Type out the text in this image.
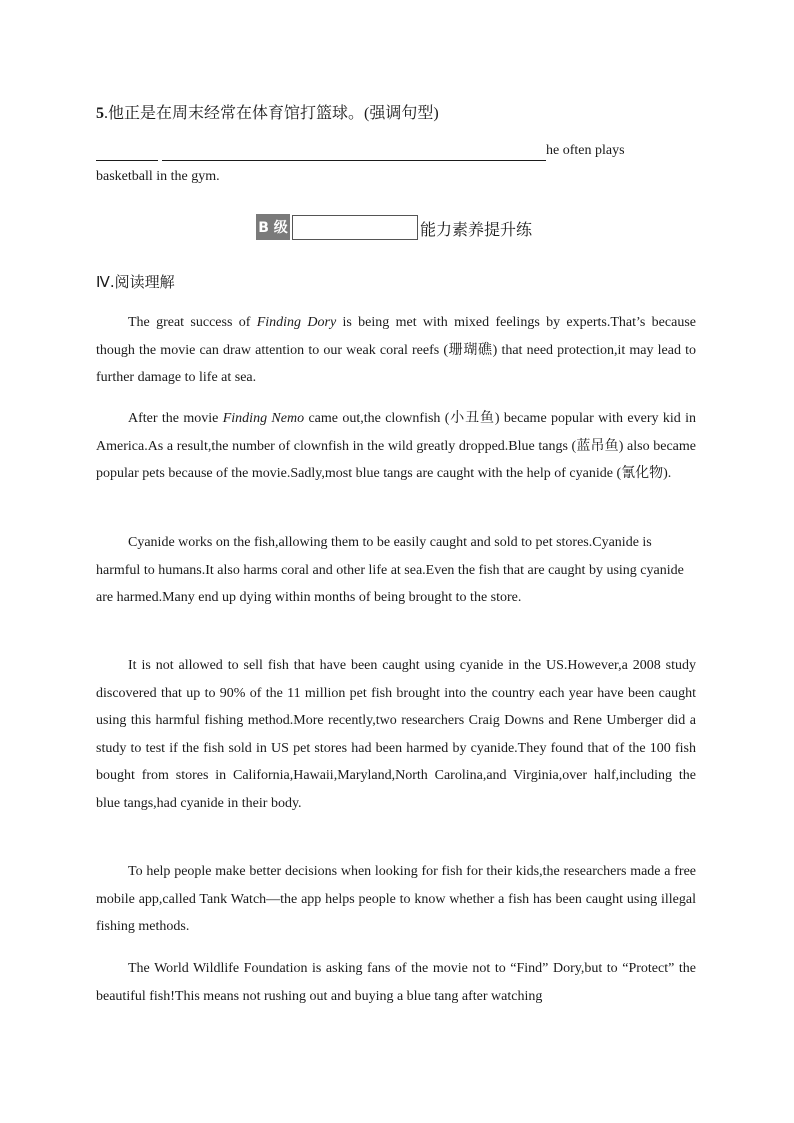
5.他正是在周末经常在体育馆打篮球。(强调句型)
he often plays
basketball in the gym.
B 级	能力素养提升练
Ⅳ.阅读理解

The great success of Finding Dory is being met with mixed feelings by experts.That’s because though the movie can draw attention to our weak coral reefs (珊瑚礁) that need protection,it may lead to further damage to life at sea.

After the movie Finding Nemo came out,the clownfish (小丑鱼) became popular with every kid in America.As a result,the number of clownfish in the wild greatly dropped.Blue tangs (蓝吊鱼) also became popular pets because of the movie.Sadly,most blue tangs are caught with the help of cyanide (氰化物).

Cyanide works on the fish,allowing them to be easily caught and sold to pet stores.Cyanide is harmful to humans.It also harms coral and other life at sea.Even the fish that are caught by using cyanide are harmed.Many end up dying within months of being brought to the store.

It is not allowed to sell fish that have been caught using cyanide in the US.However,a 2008 study discovered that up to 90% of the 11 million pet fish brought into the country each year have been caught using this harmful fishing method.More recently,two researchers Craig Downs and Rene Umberger did a study to test if the fish sold in US pet stores had been harmed by cyanide.They found that of the 100 fish bought from stores in California,Hawaii,Maryland,North Carolina,and Virginia,over half,including the blue tangs,had cyanide in their body.

To help people make better decisions when looking for fish for their kids,the researchers made a free mobile app,called Tank Watch—the app helps people to know whether a fish has been caught using illegal fishing methods.

The World Wildlife Foundation is asking fans of the movie not to “Find” Dory,but to “Protect” the beautiful fish!This means not rushing out and buying a blue tang after watching
